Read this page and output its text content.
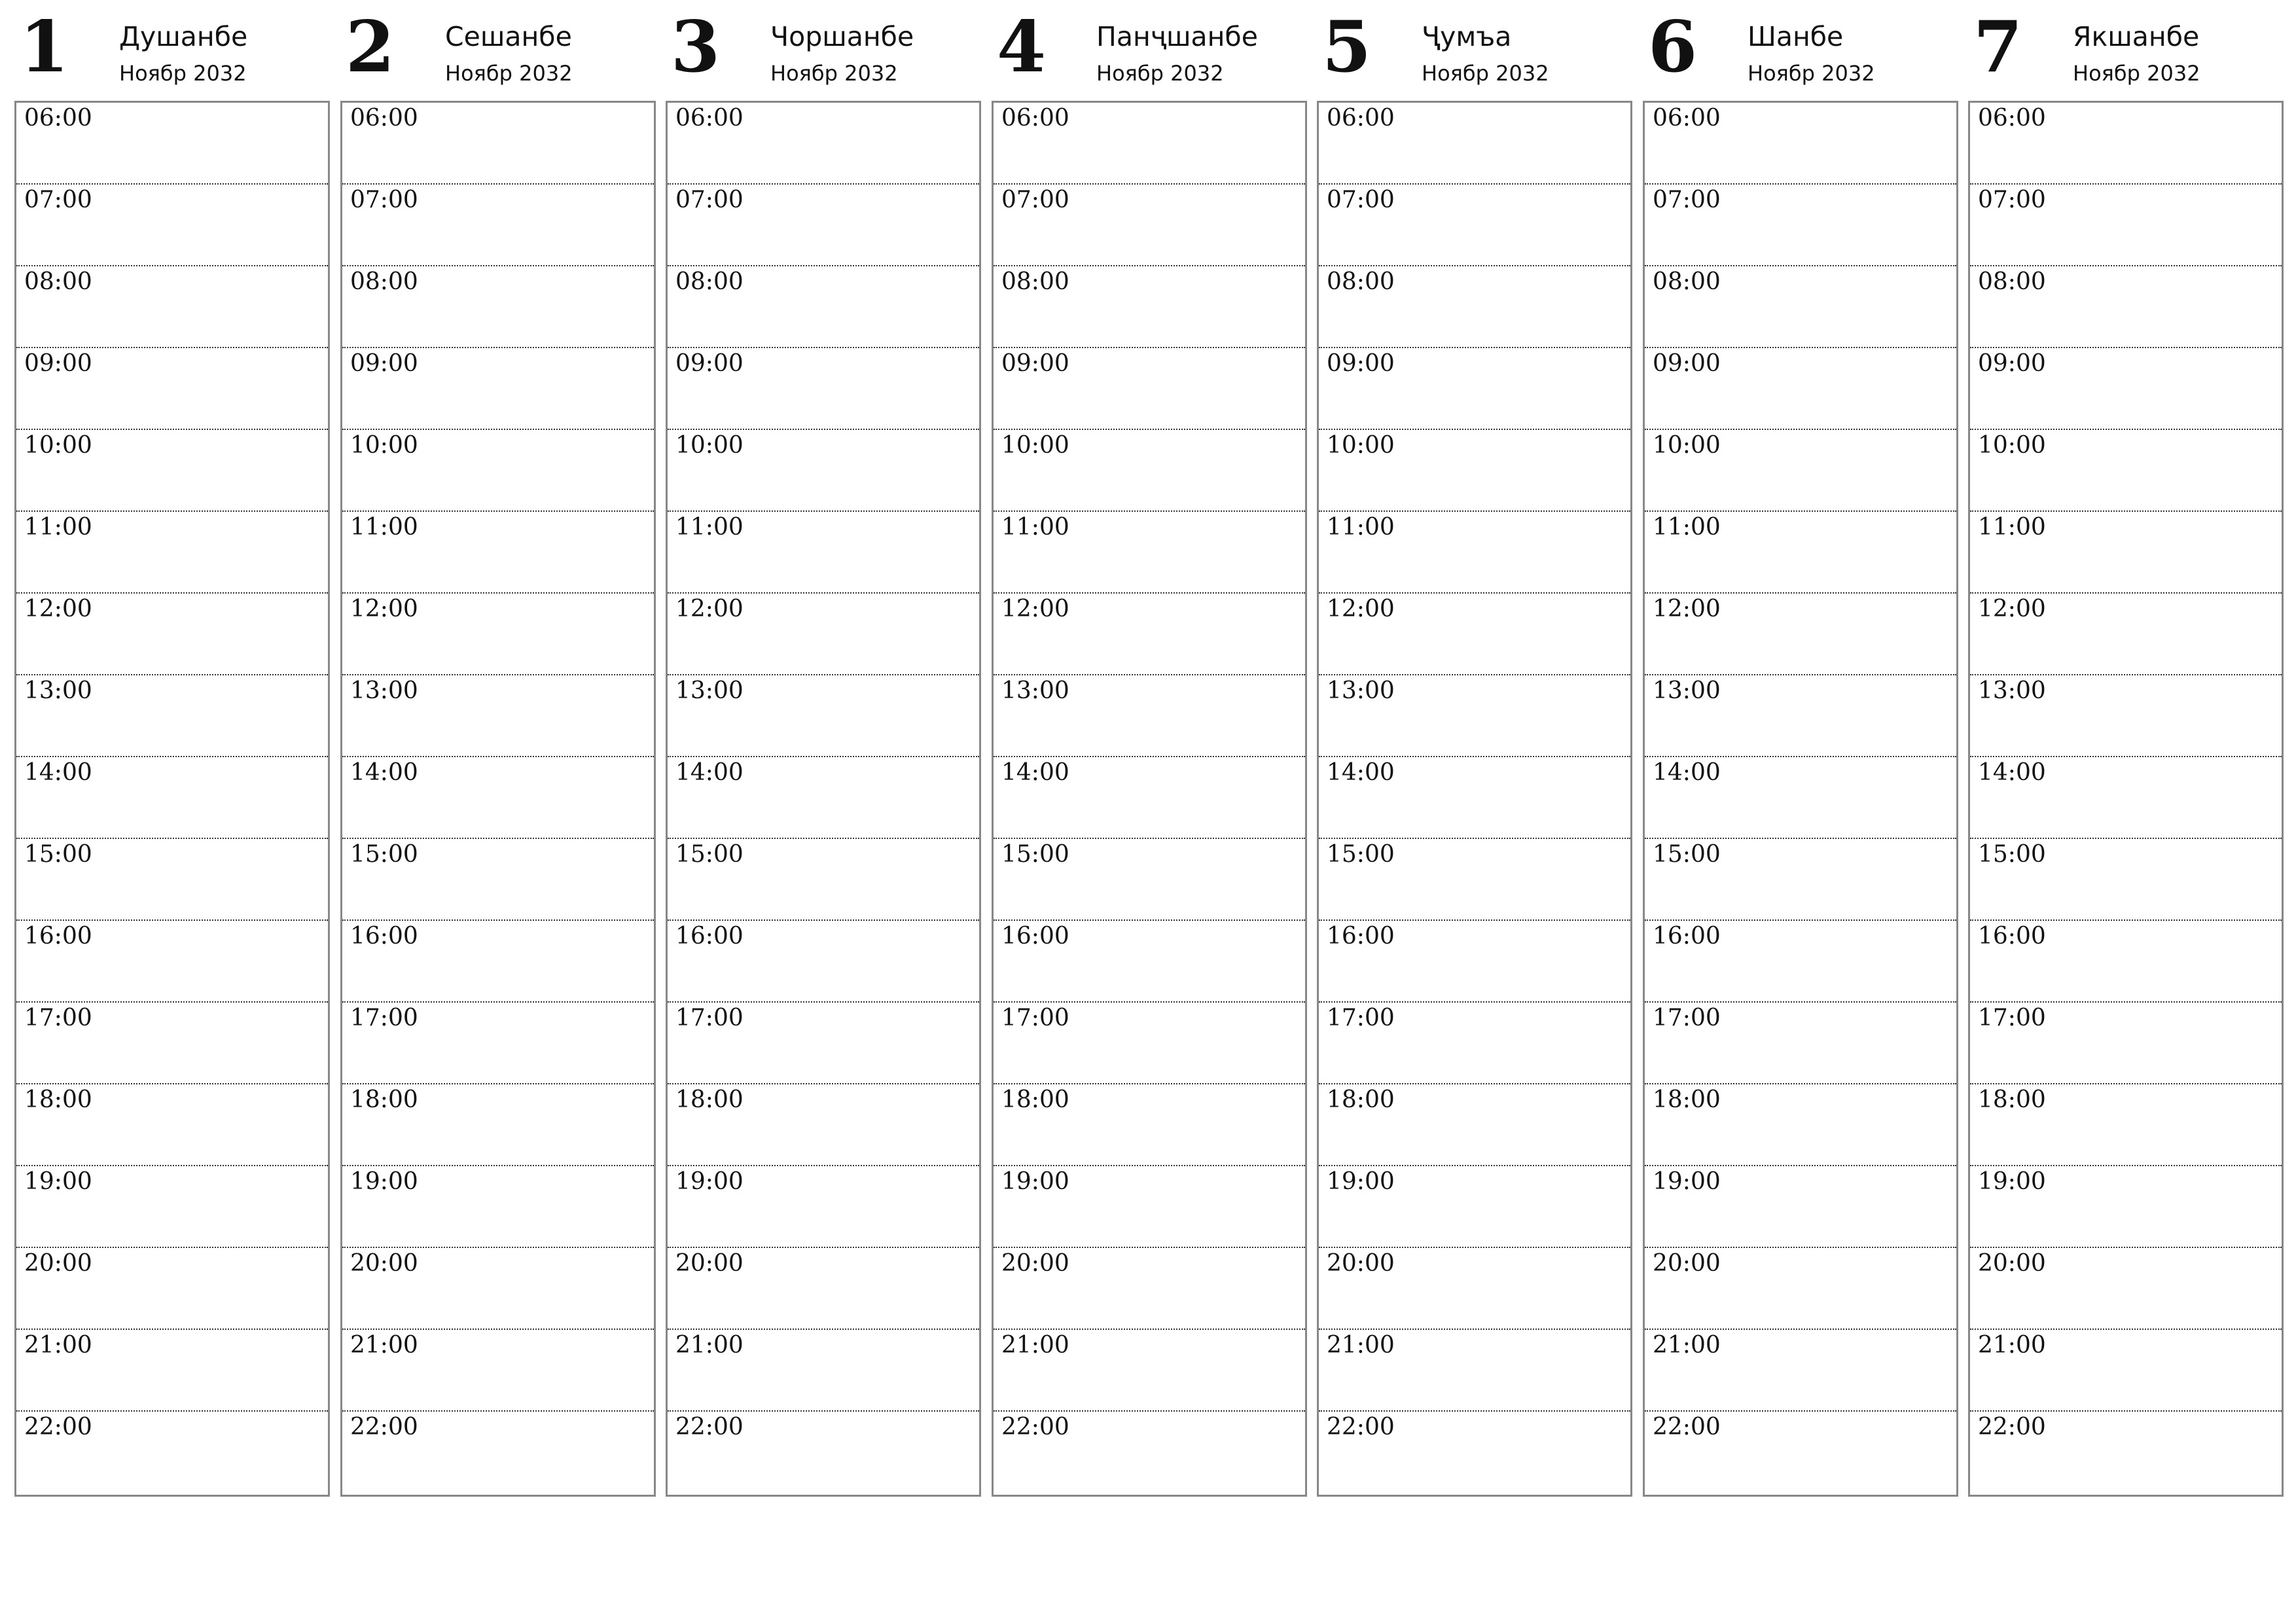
1 Душанбе
Ноябр 2032
06:00
07:00
08:00
09:00
10:00
11:00
12:00
13:00
14:00
15:00
16:00
17:00
18:00
19:00
20:00
21:00
22:00
2 Сешанбе
Ноябр 2032
06:00
07:00
08:00
09:00
10:00
11:00
12:00
13:00
14:00
15:00
16:00
17:00
18:00
19:00
20:00
21:00
22:00
3 Чоршанбе
Ноябр 2032
06:00
07:00
08:00
09:00
10:00
11:00
12:00
13:00
14:00
15:00
16:00
17:00
18:00
19:00
20:00
21:00
22:00
4 Панҷшанбе
Ноябр 2032
06:00
07:00
08:00
09:00
10:00
11:00
12:00
13:00
14:00
15:00
16:00
17:00
18:00
19:00
20:00
21:00
22:00
5 Ҷумъа
Ноябр 2032
06:00
07:00
08:00
09:00
10:00
11:00
12:00
13:00
14:00
15:00
16:00
17:00
18:00
19:00
20:00
21:00
22:00
6 Шанбе
Ноябр 2032
06:00
07:00
08:00
09:00
10:00
11:00
12:00
13:00
14:00
15:00
16:00
17:00
18:00
19:00
20:00
21:00
22:00
7 Якшанбе
Ноябр 2032
06:00
07:00
08:00
09:00
10:00
11:00
12:00
13:00
14:00
15:00
16:00
17:00
18:00
19:00
20:00
21:00
22:00
